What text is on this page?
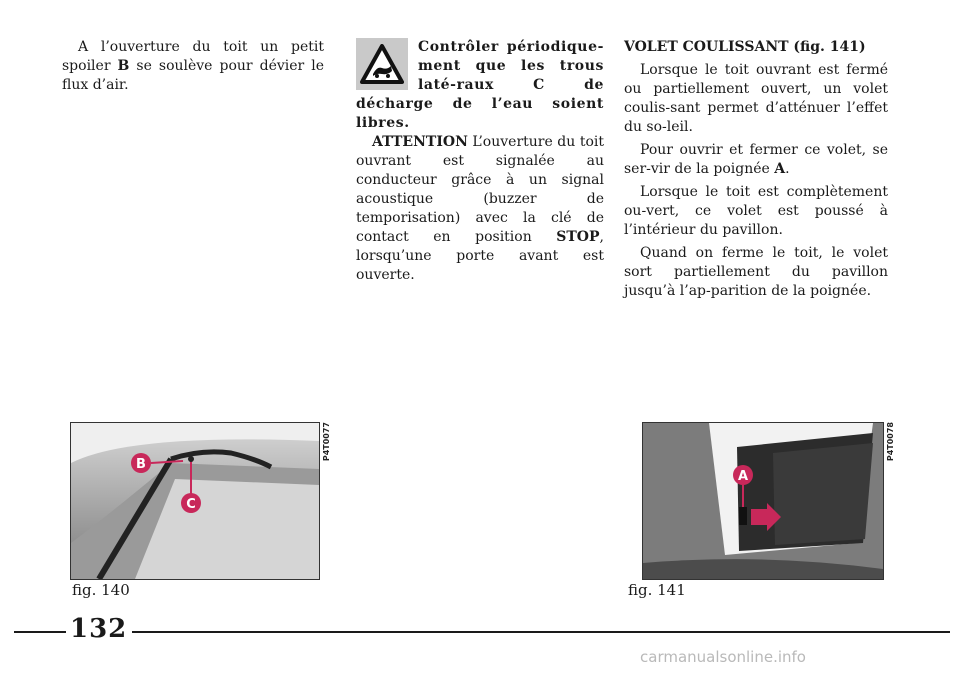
A l’ouverture du toit un petit spoiler B se soulève pour dévier le flux d’air.

Contrôler périodique-ment que les trous laté-raux C de décharge de l’eau soient libres.

ATTENTION L’ouverture du toit ouvrant est signalée au conducteur grâce à un signal acoustique (buzzer de temporisation) avec la clé de contact en position STOP, lorsqu’une porte avant est ouverte.

VOLET COULISSANT (fig. 141)

Lorsque le toit ouvrant est fermé ou partiellement ouvert, un volet coulis-sant permet d’atténuer l’effet du so-leil.

Pour ouvrir et fermer ce volet, se ser-vir de la poignée A.

Lorsque le toit est complètement ou-vert, ce volet est poussé à l’intérieur du pavillon.

Quand on ferme le toit, le volet sort partiellement du pavillon jusqu’à l’ap-parition de la poignée.

B
C
P4T0077
fig. 140
A
P4T0078
fig. 141
132
carmanualsonline.info
